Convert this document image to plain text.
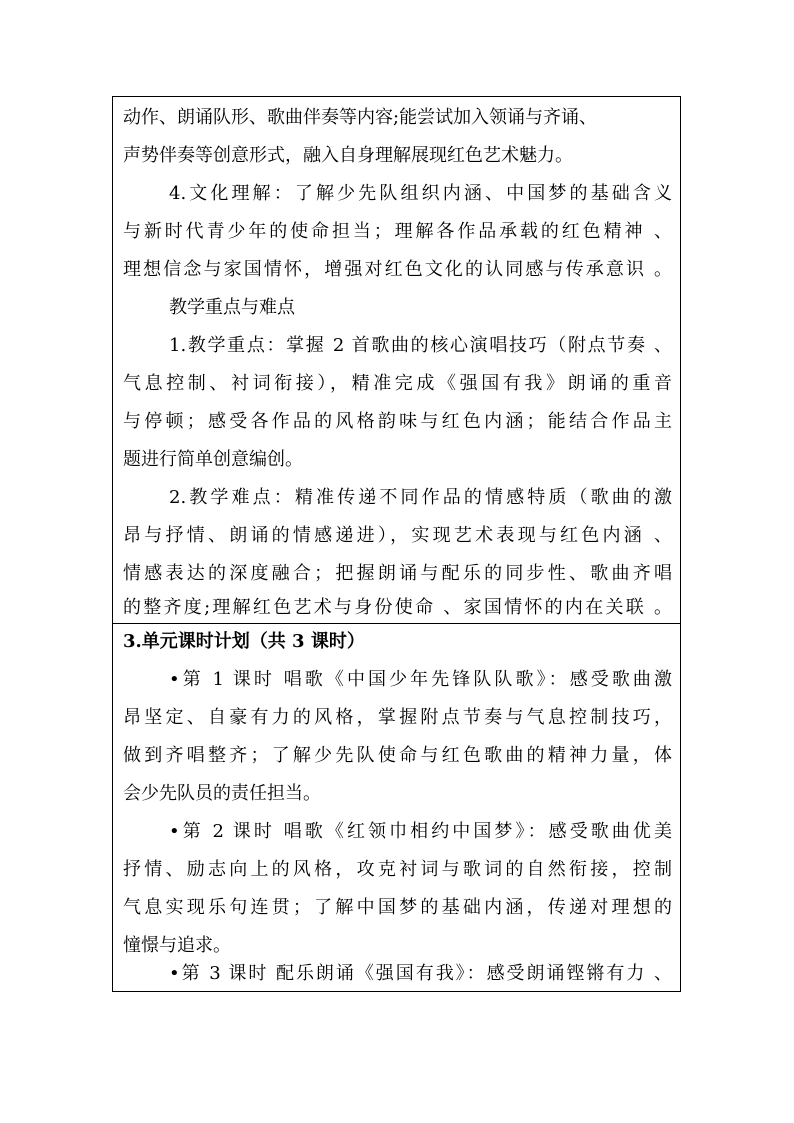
动作、朗诵队形、歌曲伴奏等内容;能尝试加入领诵与齐诵、
声势伴奏等创意形式，融入自身理解展现红色艺术魅力。
4.文化理解：了解少先队组织内涵、中国梦的基础含义
与新时代青少年的使命担当；理解各作品承载的红色精神 、
理想信念与家国情怀，增强对红色文化的认同感与传承意识 。
教学重点与难点
1.教学重点：掌握 2 首歌曲的核心演唱技巧（附点节奏 、
气息控制、衬词衔接），精准完成《强国有我》朗诵的重音
与停顿；感受各作品的风格韵味与红色内涵；能结合作品主
题进行简单创意编创。
2.教学难点：精准传递不同作品的情感特质（歌曲的激
昂与抒情、朗诵的情感递进），实现艺术表现与红色内涵 、
情感表达的深度融合；把握朗诵与配乐的同步性、歌曲齐唱
的整齐度;理解红色艺术与身份使命 、家国情怀的内在关联 。
3.单元课时计划（共 3 课时）
•第 1 课时 唱歌《中国少年先锋队队歌》：感受歌曲激
昂坚定、自豪有力的风格，掌握附点节奏与气息控制技巧，
做到齐唱整齐；了解少先队使命与红色歌曲的精神力量，体
会少先队员的责任担当。
•第 2 课时 唱歌《红领巾相约中国梦》：感受歌曲优美
抒情、励志向上的风格，攻克衬词与歌词的自然衔接，控制
气息实现乐句连贯；了解中国梦的基础内涵，传递对理想的
憧憬与追求。
•第 3 课时 配乐朗诵《强国有我》：感受朗诵铿锵有力 、
